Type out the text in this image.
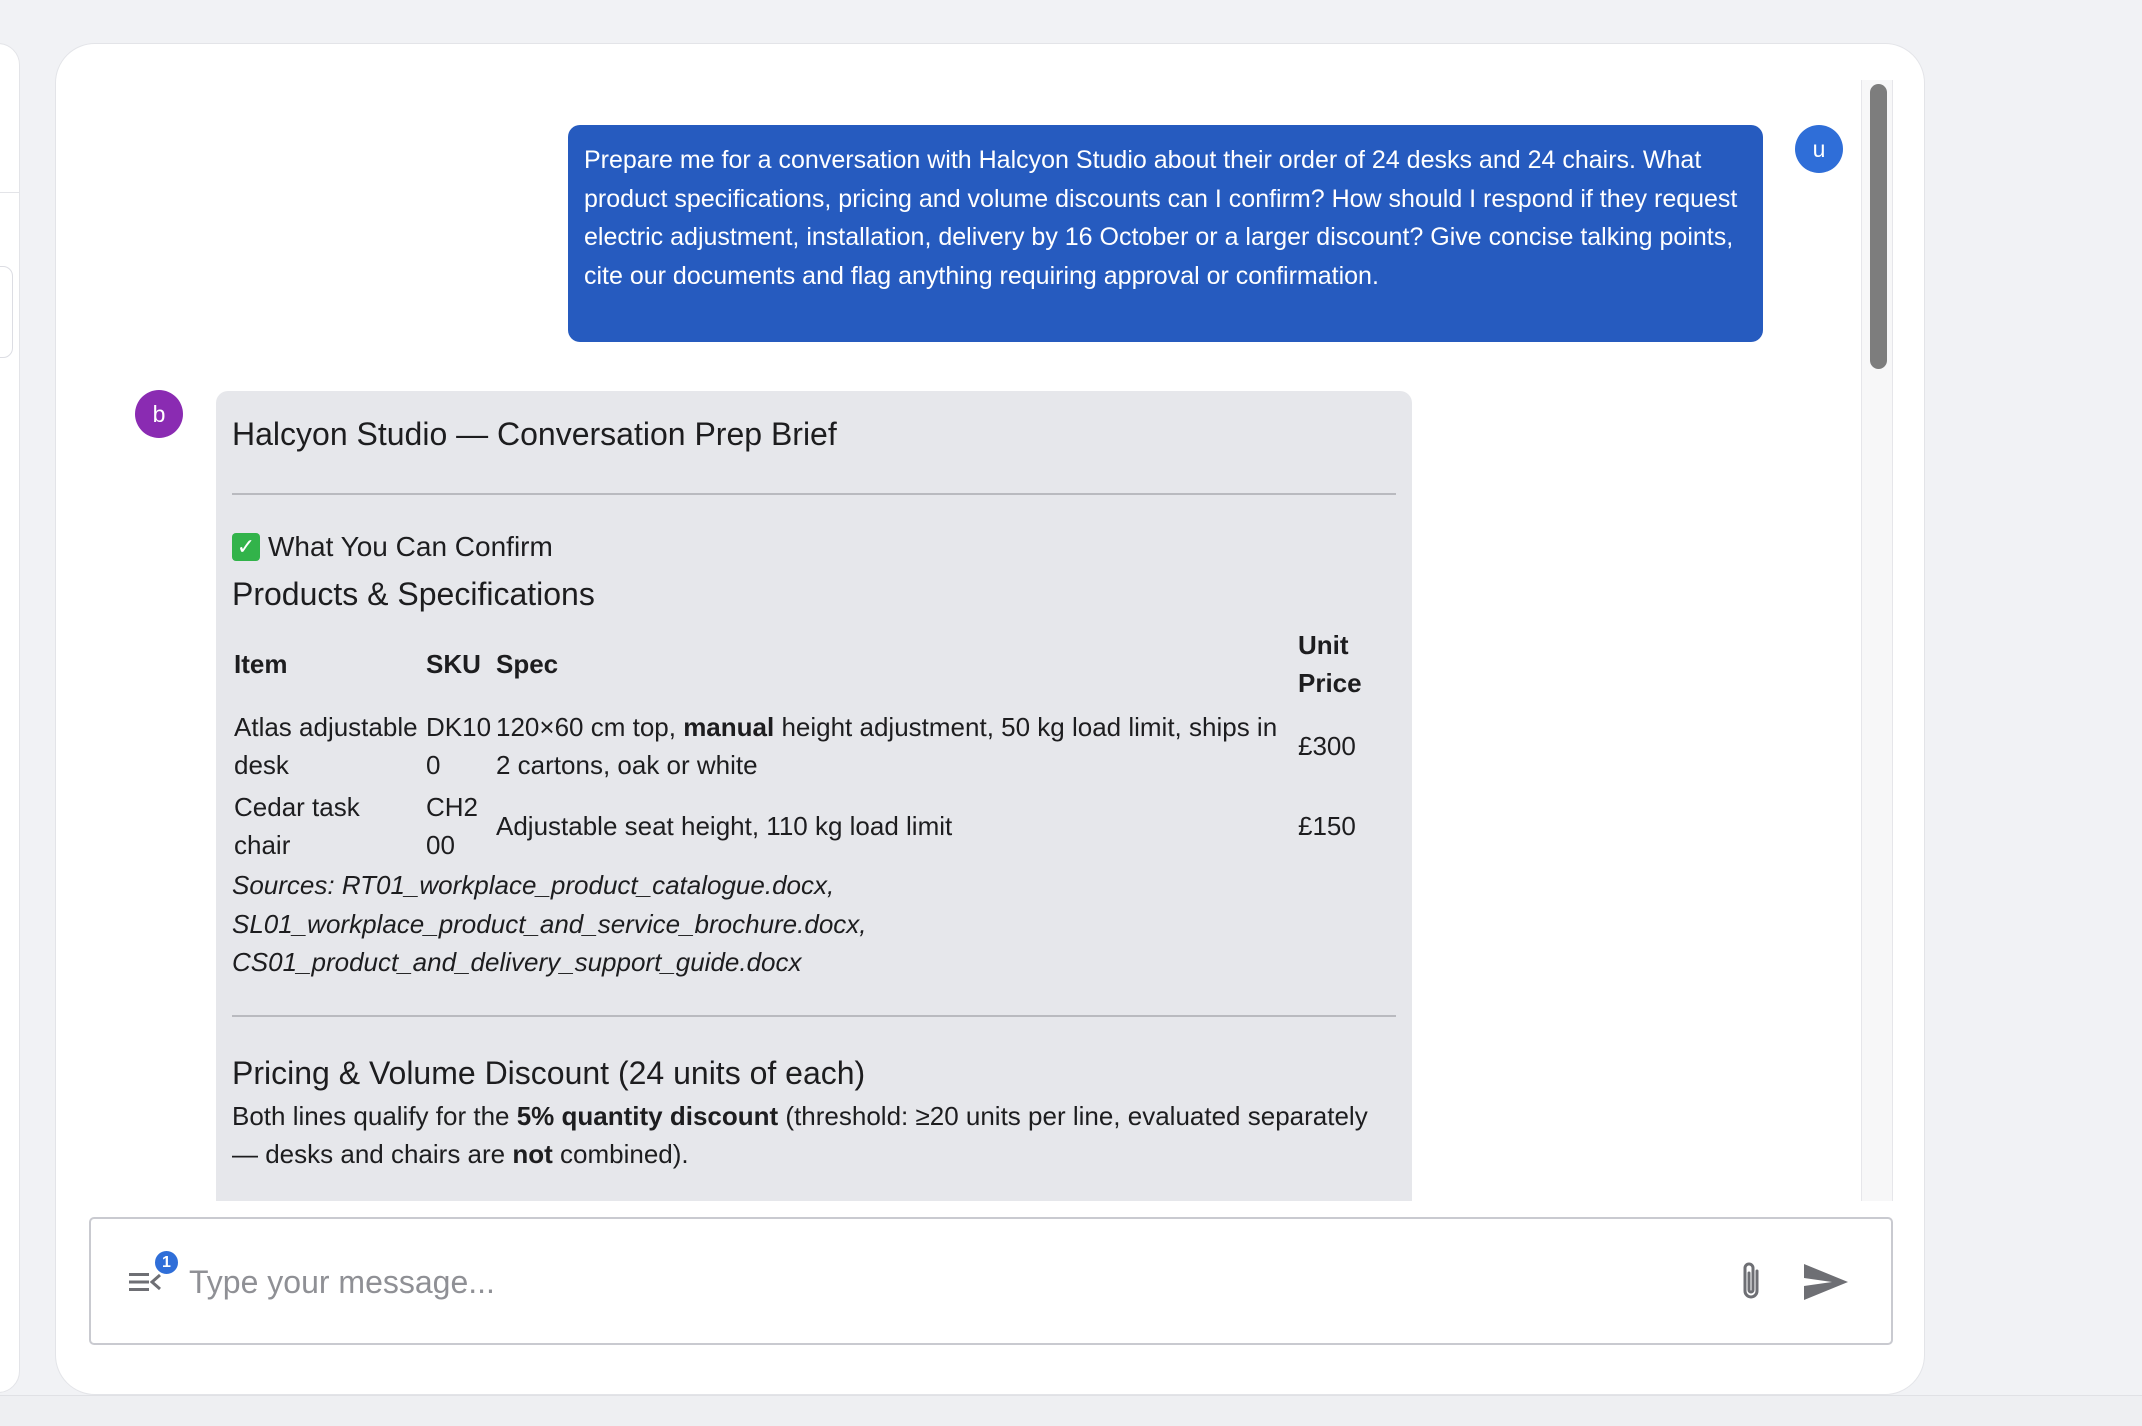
u
Prepare me for a conversation with Halcyon Studio about their order of 24 desks and 24 chairs. What product specifications, pricing and volume discounts can I confirm? How should I respond if they request electric adjustment, installation, delivery by 16 October or a larger discount? Give concise talking points, cite our documents and flag anything requiring approval or confirmation.
b
Halcyon Studio — Conversation Prep Brief
✓ What You Can Confirm
Products & Specifications
Item	SKU	Spec	Unit Price
Atlas adjustable desk	DK100	120×60 cm top, manual height adjustment, 50 kg load limit, ships in 2 cartons, oak or white	£300
Cedar task chair	CH200	Adjustable seat height, 110 kg load limit	£150
Sources: RT01_workplace_product_catalogue.docx, SL01_workplace_product_and_service_brochure.docx, CS01_product_and_delivery_support_guide.docx
Pricing & Volume Discount (24 units of each)
Both lines qualify for the 5% quantity discount (threshold: ≥20 units per line, evaluated separately — desks and chairs are not combined).
1
Type your message...
